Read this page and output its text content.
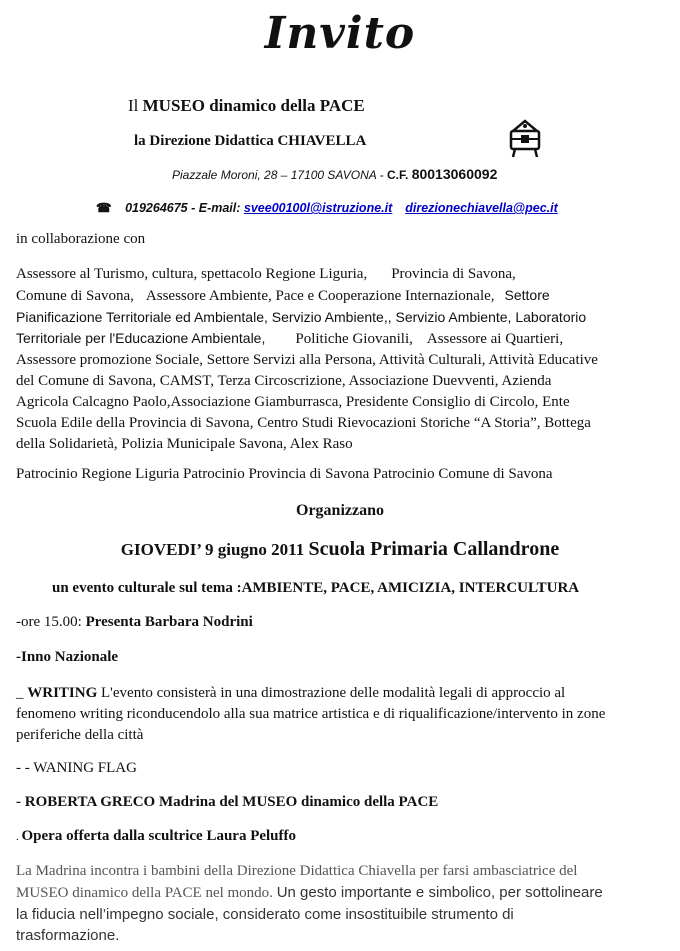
Invito
Il MUSEO dinamico della PACE
la Direzione Didattica CHIAVELLA
Piazzale Moroni, 28 – 17100 SAVONA - C.F. 80013060092
☎ 019264675 - E-mail: svee00100l@istruzione.it direzionechiavella@pec.it
in collaborazione con
Assessore al Turismo, cultura, spettacolo Regione Liguria, Provincia di Savona,
Comune di Savona, Assessore Ambiente, Pace e Cooperazione Internazionale, Settore
Pianificazione Territoriale ed Ambientale, Servizio Ambiente,, Servizio Ambiente, Laboratorio
Territoriale per l'Educazione Ambientale, Politiche Giovanili, Assessore ai Quartieri,
Assessore promozione Sociale, Settore Servizi alla Persona, Attività Culturali, Attività Educative
del Comune di Savona, CAMST, Terza Circoscrizione, Associazione Duevventi, Azienda
Agricola Calcagno Paolo,Associazione Giamburrasca, Presidente Consiglio di Circolo, Ente
Scuola Edile della Provincia di Savona, Centro Studi Rievocazioni Storiche “A Storia”, Bottega
della Solidarietà, Polizia Municipale Savona, Alex Raso
Patrocinio Regione Liguria Patrocinio Provincia di Savona Patrocinio Comune di Savona
Organizzano
GIOVEDI’ 9 giugno 2011 Scuola Primaria Callandrone
un evento culturale sul tema :AMBIENTE, PACE, AMICIZIA, INTERCULTURA
-ore 15.00: Presenta Barbara Nodrini
-Inno Nazionale
_ WRITING L'evento consisterà in una dimostrazione delle modalità legali di approccio al
fenomeno writing riconducendolo alla sua matrice artistica e di riqualificazione/intervento in zone
periferiche della città
- - WANING FLAG
- ROBERTA GRECO Madrina del MUSEO dinamico della PACE
. Opera offerta dalla scultrice Laura Peluffo
La Madrina incontra i bambini della Direzione Didattica Chiavella per farsi ambasciatrice del
MUSEO dinamico della PACE nel mondo. Un gesto importante e simbolico, per sottolineare
la fiducia nell’impegno sociale, considerato come insostituibile strumento di
trasformazione.
